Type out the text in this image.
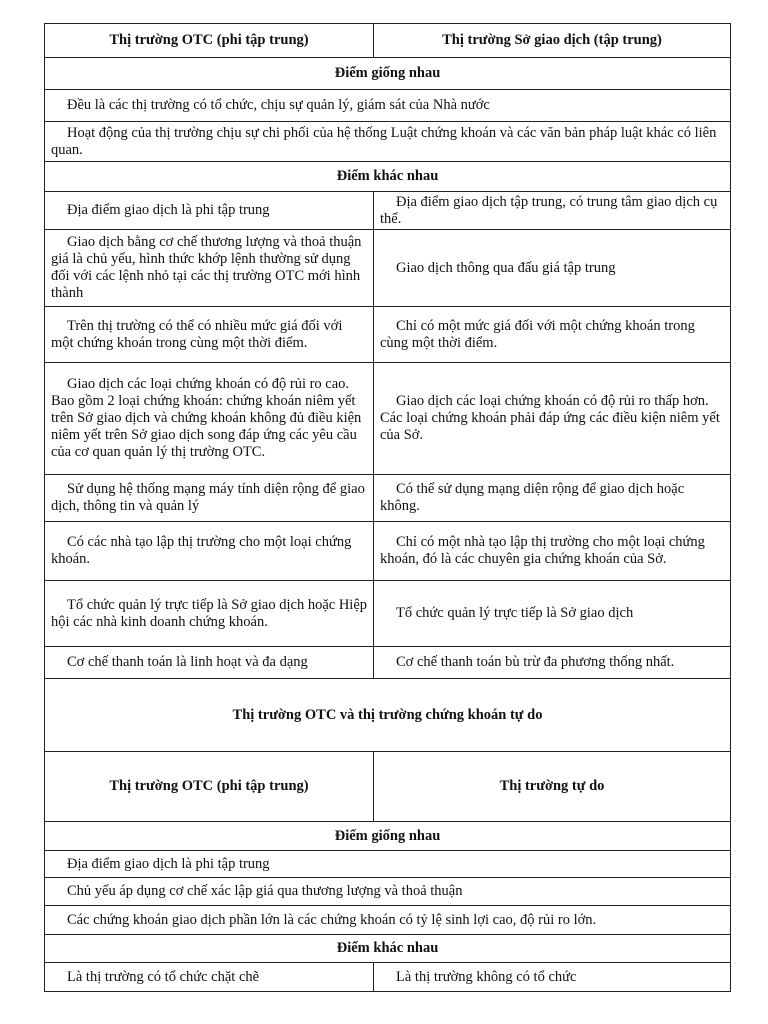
Thị trường OTC (phi tập trung)	Thị trường Sở giao dịch (tập trung)
Điểm giống nhau	
Đều là các thị trường có tổ chức, chịu sự quản lý, giám sát của Nhà nước	
Hoạt động của thị trường chịu sự chi phối của hệ thống Luật chứng khoán và các văn bản pháp luật khác có liên quan.	
Điểm khác nhau	
Địa điểm giao dịch là phi tập trung	Địa điểm giao dịch tập trung, có trung tâm giao dịch cụ thể.
Giao dịch bằng cơ chế thương lượng và thoả thuận giá là chủ yếu, hình thức khớp lệnh thường sử dụng đối với các lệnh nhỏ tại các thị trường OTC mới hình thành	Giao dịch thông qua đấu giá tập trung
Trên thị trường có thể có nhiều mức giá đối với một chứng khoán trong cùng một thời điểm.	Chỉ có một mức giá đối với một chứng khoán trong cùng một thời điểm.
Giao dịch các loại chứng khoán có độ rủi ro cao. Bao gồm 2 loại chứng khoán: chứng khoán niêm yết trên Sở giao dịch và chứng khoán không đủ điều kiện niêm yết trên Sở giao dịch song đáp ứng các yêu cầu của cơ quan quản lý thị trường OTC.	Giao dịch các loại chứng khoán có độ rủi ro thấp hơn. Các loại chứng khoán phải đáp ứng các điều kiện niêm yết của Sở.
Sử dụng hệ thống mạng máy tính diện rộng để giao dịch, thông tin và quản lý	Có thể sử dụng mạng diện rộng để giao dịch hoặc không.
Có các nhà tạo lập thị trường cho một loại chứng khoán.	Chỉ có một nhà tạo lập thị trường cho một loại chứng khoán, đó là các chuyên gia chứng khoán của Sở.
Tổ chức quản lý trực tiếp là Sở giao dịch hoặc Hiệp hội các nhà kinh doanh chứng khoán.	Tổ chức quản lý trực tiếp là Sở giao dịch
Cơ chế thanh toán là linh hoạt và đa dạng	Cơ chế thanh toán bù trừ đa phương thống nhất.
Thị trường OTC và thị trường chứng khoán tự do	
Thị trường OTC (phi tập trung)	Thị trường tự do
Điểm giống nhau	
Địa điểm giao dịch là phi tập trung	
Chủ yếu áp dụng cơ chế xác lập giá qua thương lượng và thoả thuận	
Các chứng khoán giao dịch phần lớn là các chứng khoán có tỷ lệ sinh lợi cao, độ rủi ro lớn.	
Điểm khác nhau	
Là thị trường có tổ chức chặt chẽ	Là thị trường không có tổ chức
